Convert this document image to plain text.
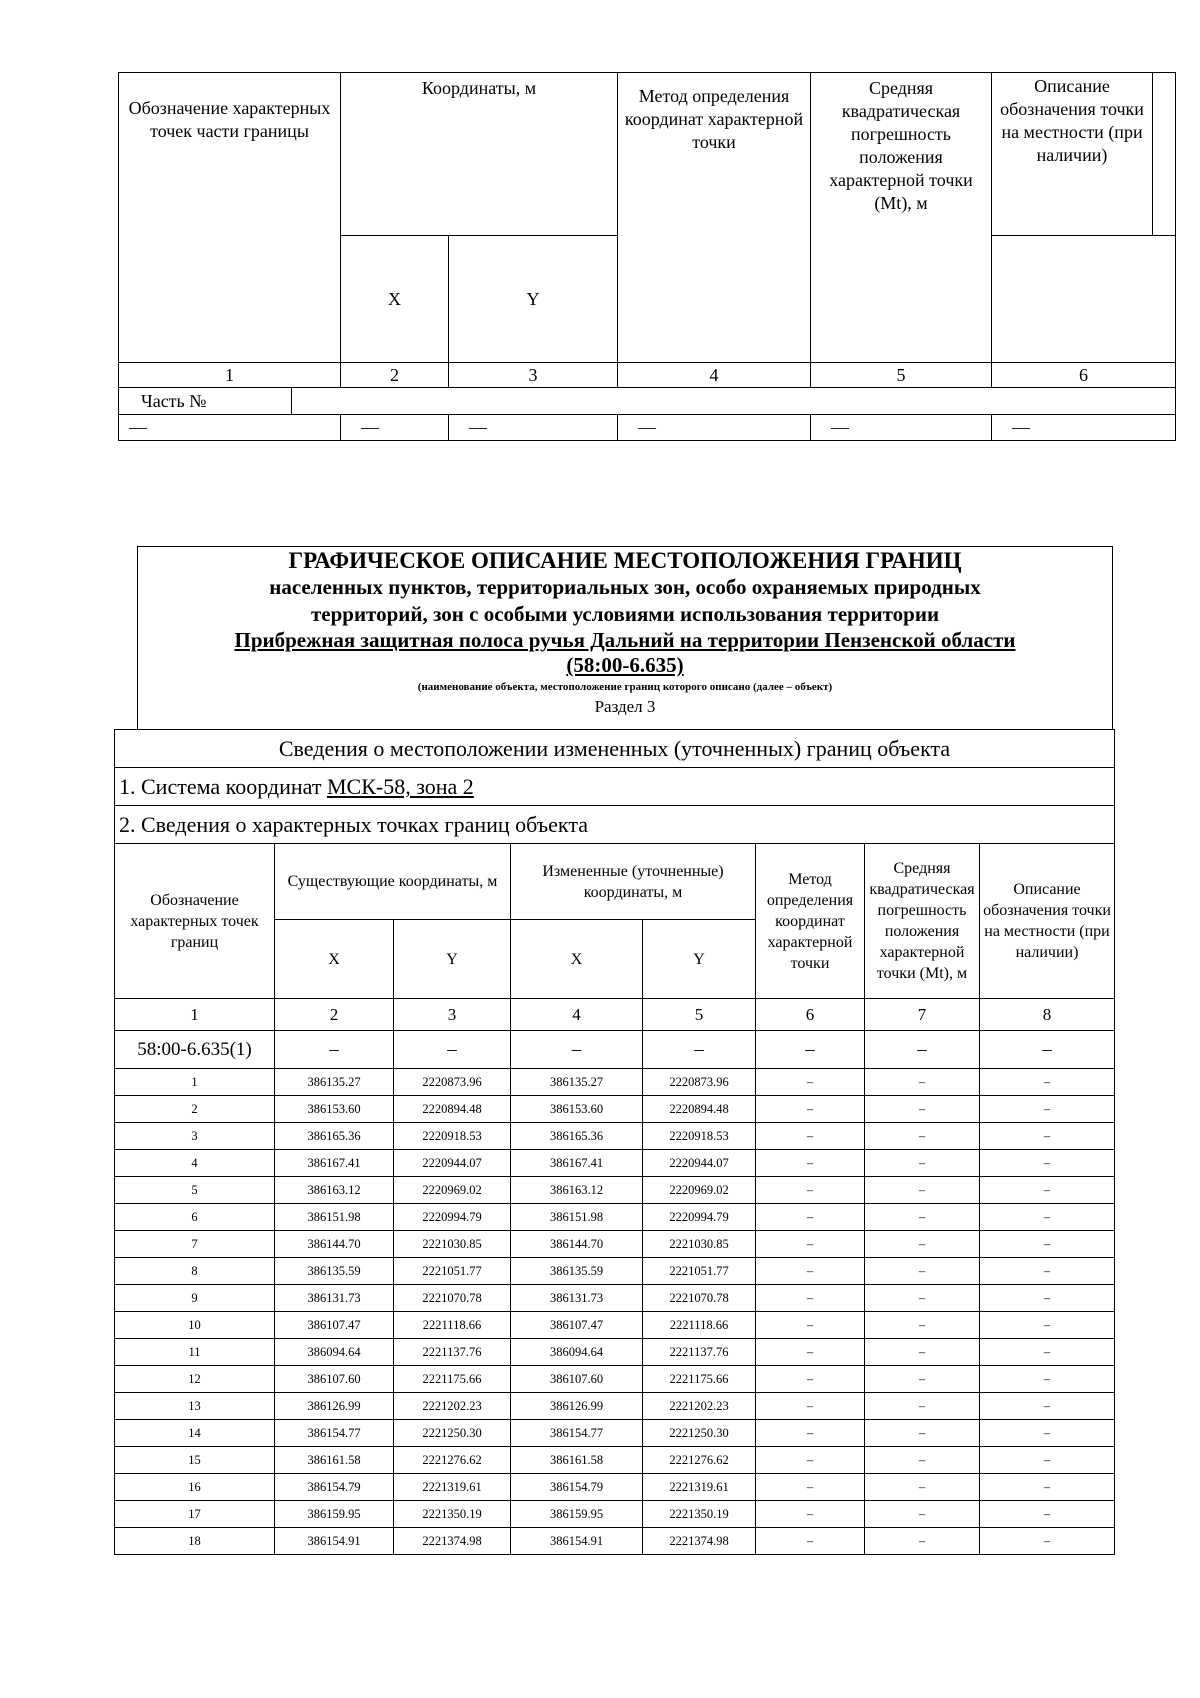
Обозначение характерных точек части границы	Координаты, м		Метод определения координат характерной точки	Средняя квадратическая погрешность положения характерной точки (Mt), м	Описание обозначения точки на местности (при наличии)

	X	Y			
1	2	3	4	5	6

Часть №					

—	—	—	—	—	—
ГРАФИЧЕСКОЕ ОПИСАНИЕ МЕСТОПОЛОЖЕНИЯ ГРАНИЦ
населенных пунктов, территориальных зон, особо охраняемых природных
территорий, зон с особыми условиями использования территории
Прибрежная защитная полоса ручья Дальний на территории Пензенской области
(58:00-6.635)
(наименование объекта, местоположение границ которого описано (далее – объект)
Раздел 3
Сведения о местоположении измененных (уточненных) границ объекта							
1. Система координат МСК-58, зона 2							
2. Сведения о характерных точках границ объекта							
Обозначение характерных точек границ	Существующие координаты, м		Измененные (уточненные) координаты, м		Метод определения координат характерной точки	Средняя квадратическая погрешность положения характерной точки (Mt), м	Описание обозначения точки на местности (при наличии)
	X	Y	X	Y			
1	2	3	4	5	6	7	8
58:00-6.635(1)	–	–	–	–	–	–	–
1	386135.27	2220873.96	386135.27	2220873.96	–	–	–
2	386153.60	2220894.48	386153.60	2220894.48	–	–	–
3	386165.36	2220918.53	386165.36	2220918.53	–	–	–
4	386167.41	2220944.07	386167.41	2220944.07	–	–	–
5	386163.12	2220969.02	386163.12	2220969.02	–	–	–
6	386151.98	2220994.79	386151.98	2220994.79	–	–	–
7	386144.70	2221030.85	386144.70	2221030.85	–	–	–
8	386135.59	2221051.77	386135.59	2221051.77	–	–	–
9	386131.73	2221070.78	386131.73	2221070.78	–	–	–
10	386107.47	2221118.66	386107.47	2221118.66	–	–	–
11	386094.64	2221137.76	386094.64	2221137.76	–	–	–
12	386107.60	2221175.66	386107.60	2221175.66	–	–	–
13	386126.99	2221202.23	386126.99	2221202.23	–	–	–
14	386154.77	2221250.30	386154.77	2221250.30	–	–	–
15	386161.58	2221276.62	386161.58	2221276.62	–	–	–
16	386154.79	2221319.61	386154.79	2221319.61	–	–	–
17	386159.95	2221350.19	386159.95	2221350.19	–	–	–
18	386154.91	2221374.98	386154.91	2221374.98	–	–	–
